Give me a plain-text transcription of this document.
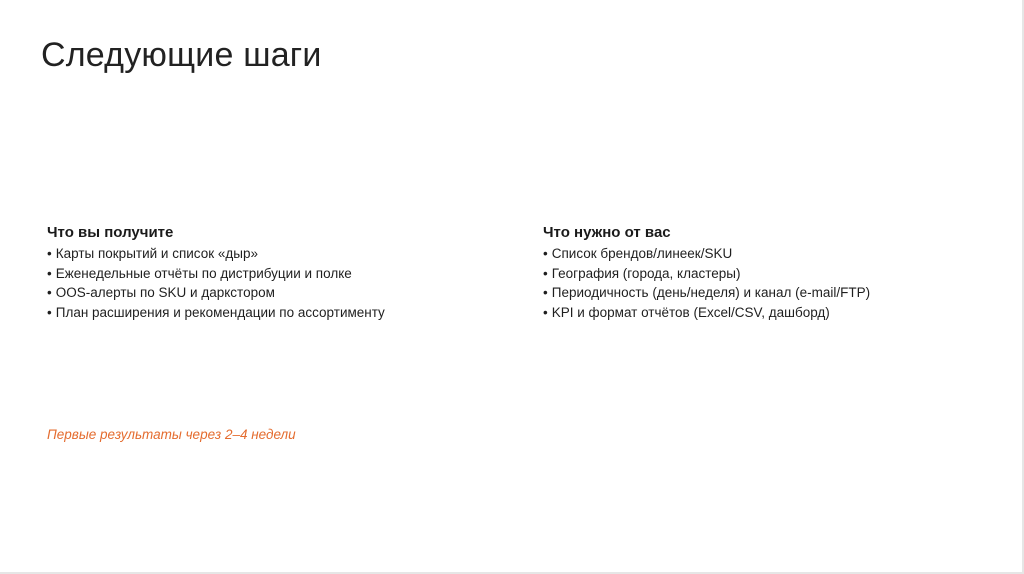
Следующие шаги
Что вы получите
• Карты покрытий и список «дыр»
• Еженедельные отчёты по дистрибуции и полке
• OOS-алерты по SKU и даркстором
• План расширения и рекомендации по ассортименту
Что нужно от вас
• Список брендов/линеек/SKU
• География (города, кластеры)
• Периодичность (день/неделя) и канал (e-mail/FTP)
• KPI и формат отчётов (Excel/CSV, дашборд)
Первые результаты через 2–4 недели
